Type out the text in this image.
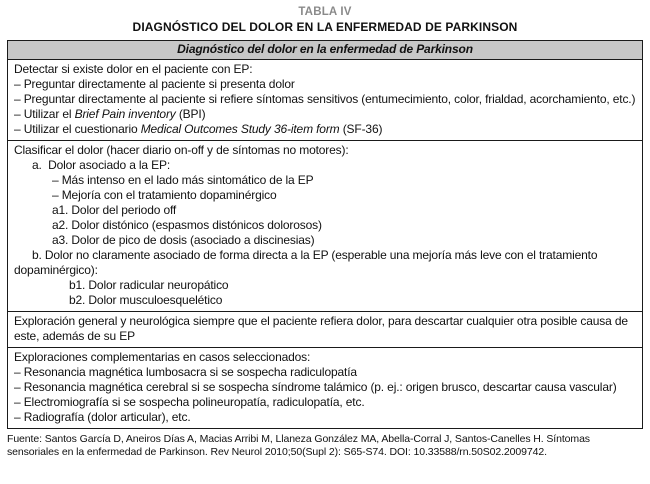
TABLA IV
DIAGNÓSTICO DEL DOLOR EN LA ENFERMEDAD DE PARKINSON
Diagnóstico del dolor en la enfermedad de Parkinson
Detectar si existe dolor en el paciente con EP:
– Preguntar directamente al paciente si presenta dolor
– Preguntar directamente al paciente si refiere síntomas sensitivos (entumecimiento, color, frialdad, acorchamiento, etc.)
– Utilizar el Brief Pain inventory (BPI)
– Utilizar el cuestionario Medical Outcomes Study 36-item form (SF-36)
Clasificar el dolor (hacer diario on-off y de síntomas no motores):
a.  Dolor asociado a la EP:
– Más intenso en el lado más sintomático de la EP
– Mejoría con el tratamiento dopaminérgico
a1. Dolor del periodo off
a2. Dolor distónico (espasmos distónicos dolorosos)
a3. Dolor de pico de dosis (asociado a discinesias)
b. Dolor no claramente asociado de forma directa a la EP (esperable una mejoría más leve con el tratamiento dopaminérgico):
b1. Dolor radicular neuropático
b2. Dolor musculoesquelético
Exploración general y neurológica siempre que el paciente refiera dolor, para descartar cualquier otra posible causa de este, además de su EP
Exploraciones complementarias en casos seleccionados:
– Resonancia magnética lumbosacra si se sospecha radiculopatía
– Resonancia magnética cerebral si se sospecha síndrome talámico (p. ej.: origen brusco, descartar causa vascular)
– Electromiografía si se sospecha polineuropatía, radiculopatía, etc.
– Radiografía (dolor articular), etc.
Fuente: Santos García D, Aneiros Días A, Macias Arribi M, Llaneza González MA, Abella-Corral J, Santos-Canelles H. Síntomas sensoriales en la enfermedad de Parkinson. Rev Neurol 2010;50(Supl 2): S65-S74. DOI: 10.33588/rn.50S02.2009742.
